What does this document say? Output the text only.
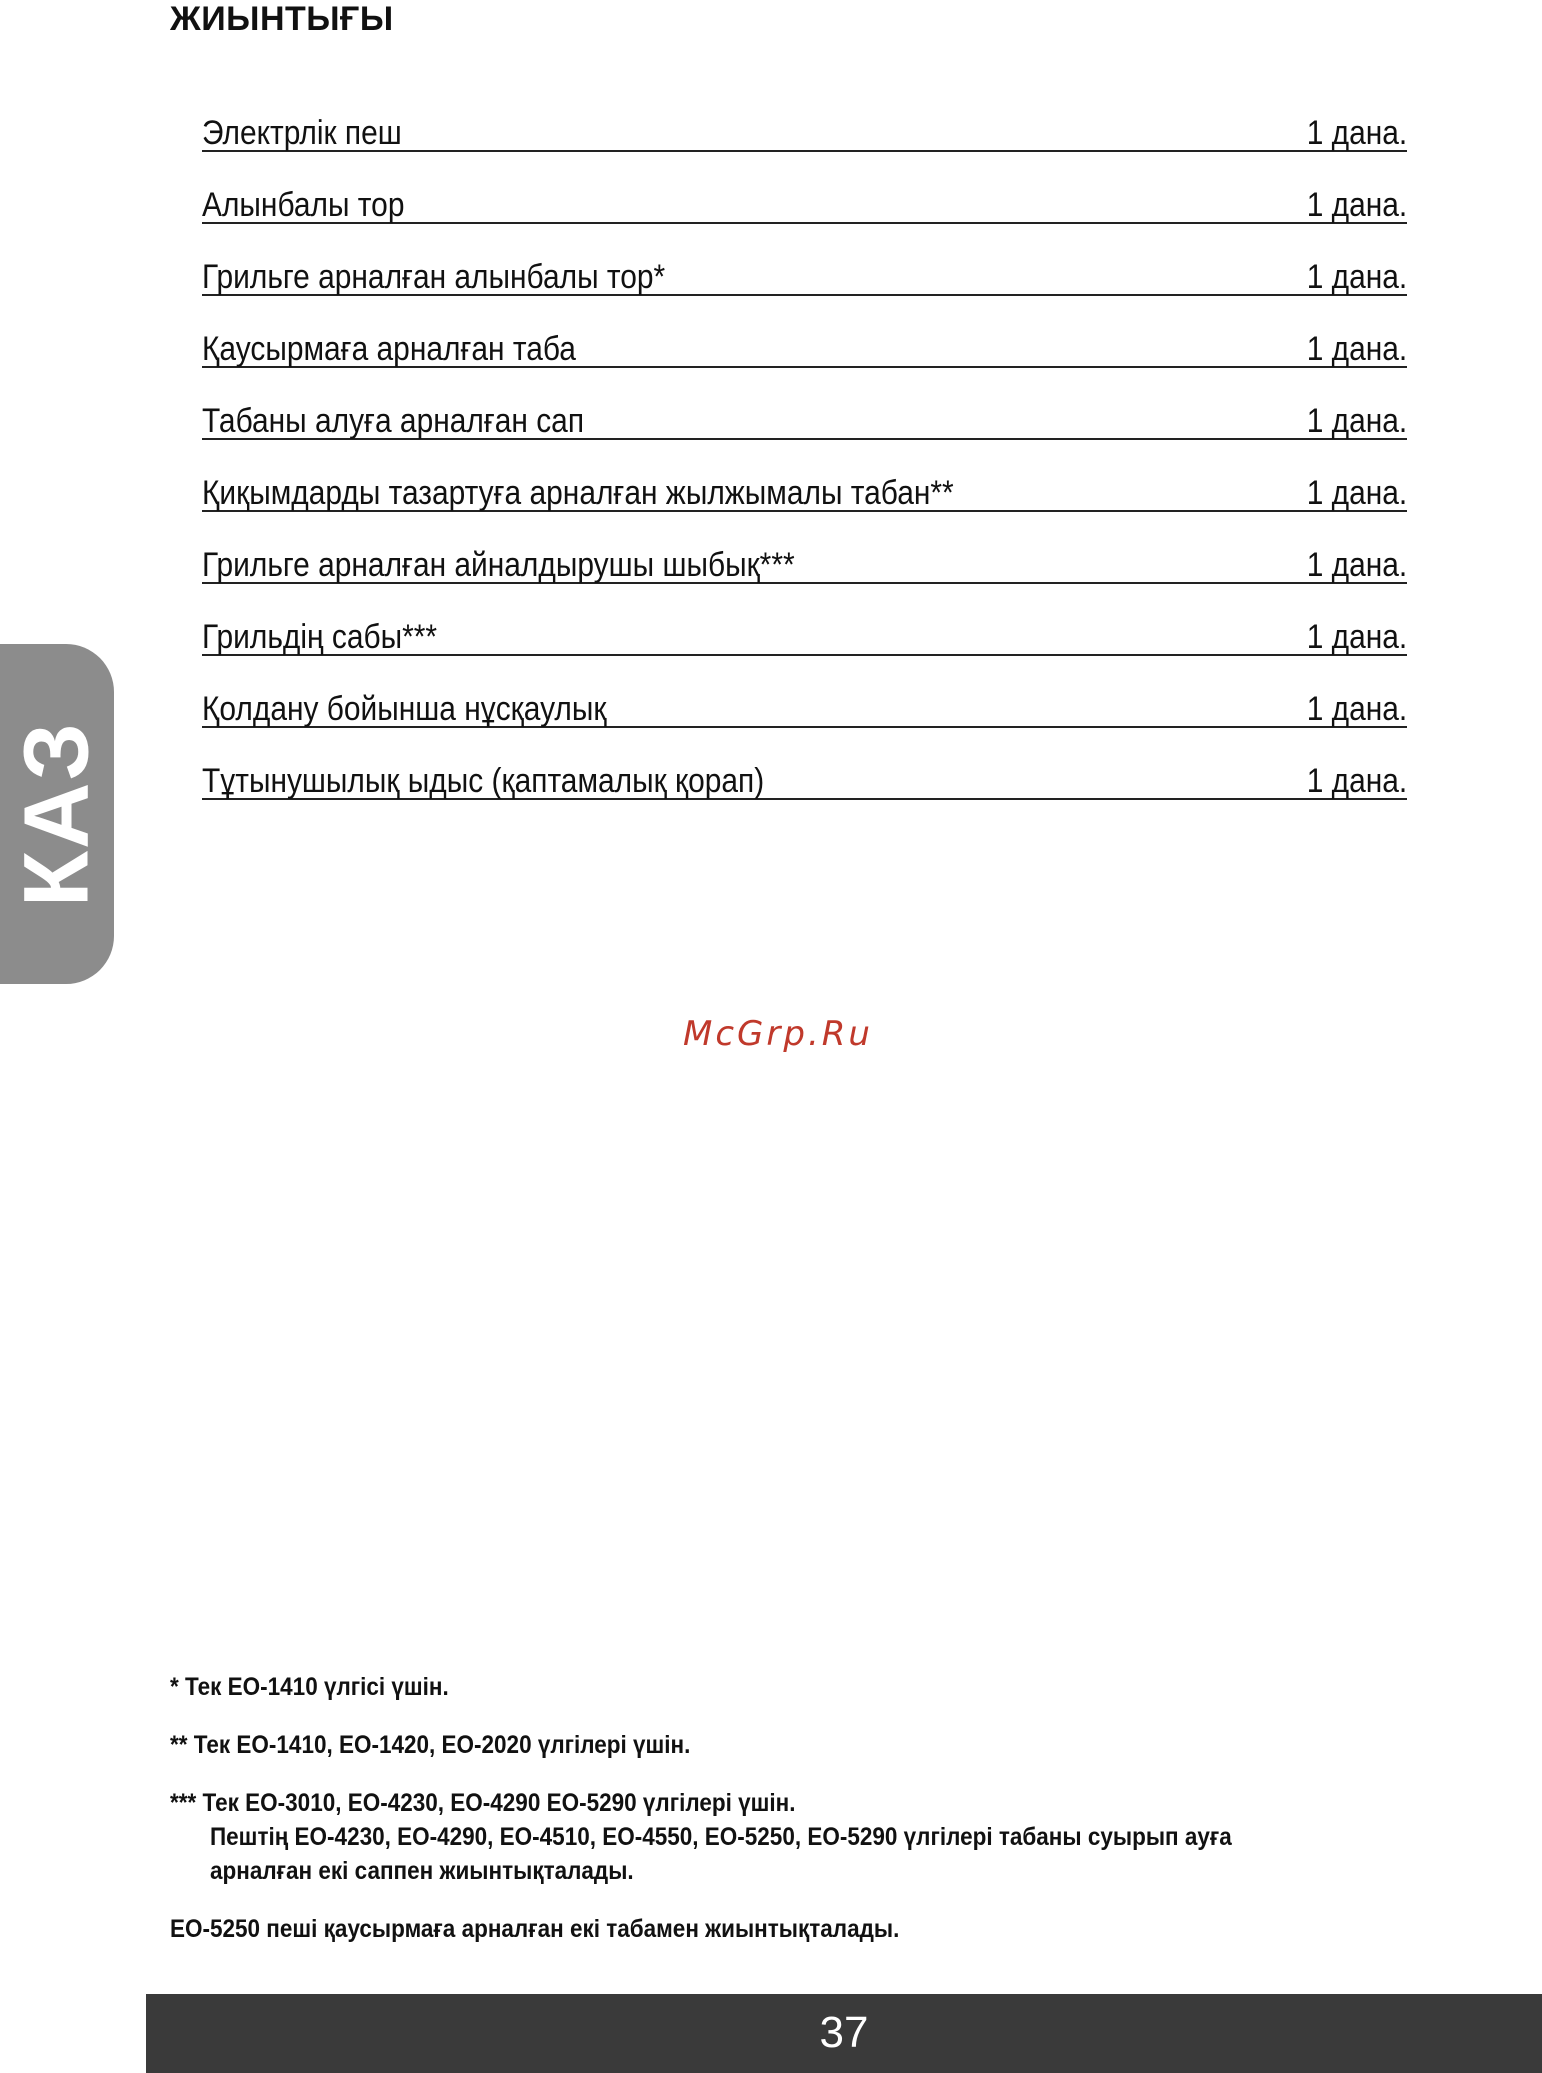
ЖИЫНТЫҒЫ
Электрлік пеш	1 дана.
Алынбалы тор	1 дана.
Грильге арналған алынбалы тор*	1 дана.
Қаусырмаға арналған таба	1 дана.
Табаны алуға арналған сап	1 дана.
Қиқымдарды тазартуға арналған жылжымалы табан**	1 дана.
Грильге арналған айналдырушы шыбық***	1 дана.
Грильдің сабы***	1 дана.
Қолдану бойынша нұсқаулық	1 дана.
Тұтынушылық ыдыс (қаптамалық қорап)	1 дана.
КАЗ
McGrp.Ru
* Тек EO-1410 үлгісі үшін.
** Тек EO-1410, EO-1420, EO-2020 үлгілері үшін.
*** Тек EO-3010, EO-4230, EO-4290 EO-5290 үлгілері үшін.
Пештің EO-4230, EO-4290, EO-4510, EO-4550, EO-5250, EO-5290 үлгілері табаны суырып ауға
арналған екі саппен жиынтықталады.
EO-5250 пеші қаусырмаға арналған екі табамен жиынтықталады.
37
